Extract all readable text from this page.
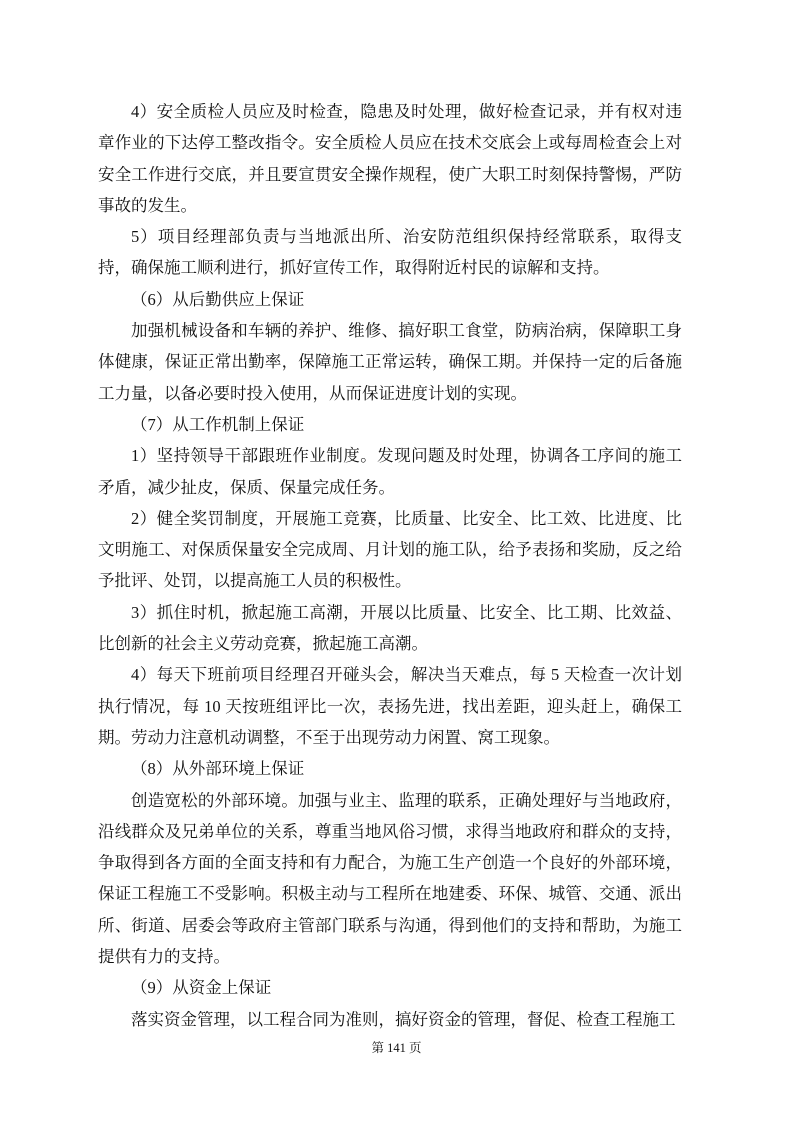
4）安全质检人员应及时检查，隐患及时处理，做好检查记录，并有权对违章作业的下达停工整改指令。安全质检人员应在技术交底会上或每周检查会上对安全工作进行交底，并且要宣贯安全操作规程，使广大职工时刻保持警惕，严防事故的发生。

5）项目经理部负责与当地派出所、治安防范组织保持经常联系，取得支持，确保施工顺利进行，抓好宣传工作，取得附近村民的谅解和支持。

（6）从后勤供应上保证

加强机械设备和车辆的养护、维修、搞好职工食堂，防病治病，保障职工身体健康，保证正常出勤率，保障施工正常运转，确保工期。并保持一定的后备施工力量，以备必要时投入使用，从而保证进度计划的实现。

（7）从工作机制上保证

1）坚持领导干部跟班作业制度。发现问题及时处理，协调各工序间的施工矛盾，减少扯皮，保质、保量完成任务。

2）健全奖罚制度，开展施工竞赛，比质量、比安全、比工效、比进度、比文明施工、对保质保量安全完成周、月计划的施工队，给予表扬和奖励，反之给予批评、处罚，以提高施工人员的积极性。

3）抓住时机，掀起施工高潮，开展以比质量、比安全、比工期、比效益、比创新的社会主义劳动竞赛，掀起施工高潮。

4）每天下班前项目经理召开碰头会，解决当天难点，每 5 天检查一次计划执行情况，每 10 天按班组评比一次，表扬先进，找出差距，迎头赶上，确保工期。劳动力注意机动调整，不至于出现劳动力闲置、窝工现象。

（8）从外部环境上保证

创造宽松的外部环境。加强与业主、监理的联系，正确处理好与当地政府，沿线群众及兄弟单位的关系，尊重当地风俗习惯，求得当地政府和群众的支持，争取得到各方面的全面支持和有力配合，为施工生产创造一个良好的外部环境，保证工程施工不受影响。积极主动与工程所在地建委、环保、城管、交通、派出所、街道、居委会等政府主管部门联系与沟通，得到他们的支持和帮助，为施工提供有力的支持。

（9）从资金上保证

落实资金管理，以工程合同为准则，搞好资金的管理，督促、检查工程施工

第 141 页
